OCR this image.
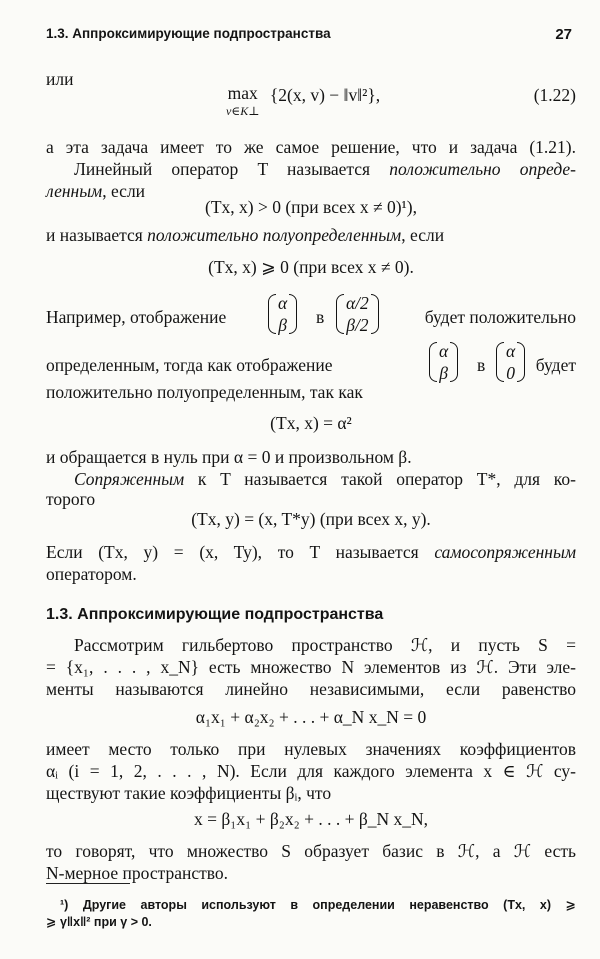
1.3. Аппроксимирующие подпространства	27
или
max
v∈K⊥
{2(x, v) − ‖v‖²},	(1.22)
а эта задача имеет то же самое решение, что и задача (1.21).
Линейный оператор T называется положительно опреде-
ленным, если
(Tx, x) > 0 (при всех x ≠ 0)¹),
и называется положительно полуопределенным, если
(Tx, x) ⩾ 0 (при всех x ≠ 0).
Например, отображение
α
β в
α/2
β/2	будет положительно
определенным, тогда как отображение
α
β в
α
0 будет
положительно полуопределенным, так как
(Tx, x) = α²
и обращается в нуль при α = 0 и произвольном β.
Сопряженным к T называется такой оператор T*, для ко-
торого
(Tx, y) = (x, T*y) (при всех x, y).
Если (Tx, y) = (x, Ty), то T называется самосопряженным
оператором.
1.3. Аппроксимирующие подпространства
Рассмотрим гильбертово пространство ℋ, и пусть S =
= {x₁, . . . , x_N} есть множество N элементов из ℋ. Эти эле-
менты называются линейно независимыми, если равенство
α₁x₁ + α₂x₂ + . . . + α_N x_N = 0
имеет место только при нулевых значениях коэффициентов
αᵢ (i = 1, 2, . . . , N). Если для каждого элемента x ∈ ℋ су-
ществуют такие коэффициенты βᵢ, что
x = β₁x₁ + β₂x₂ + . . . + β_N x_N,
то говорят, что множество S образует базис в ℋ, а ℋ есть
N-мерное пространство.
¹) Другие авторы используют в определении неравенство (Tx, x) ⩾
⩾ γ‖x‖² при γ > 0.
